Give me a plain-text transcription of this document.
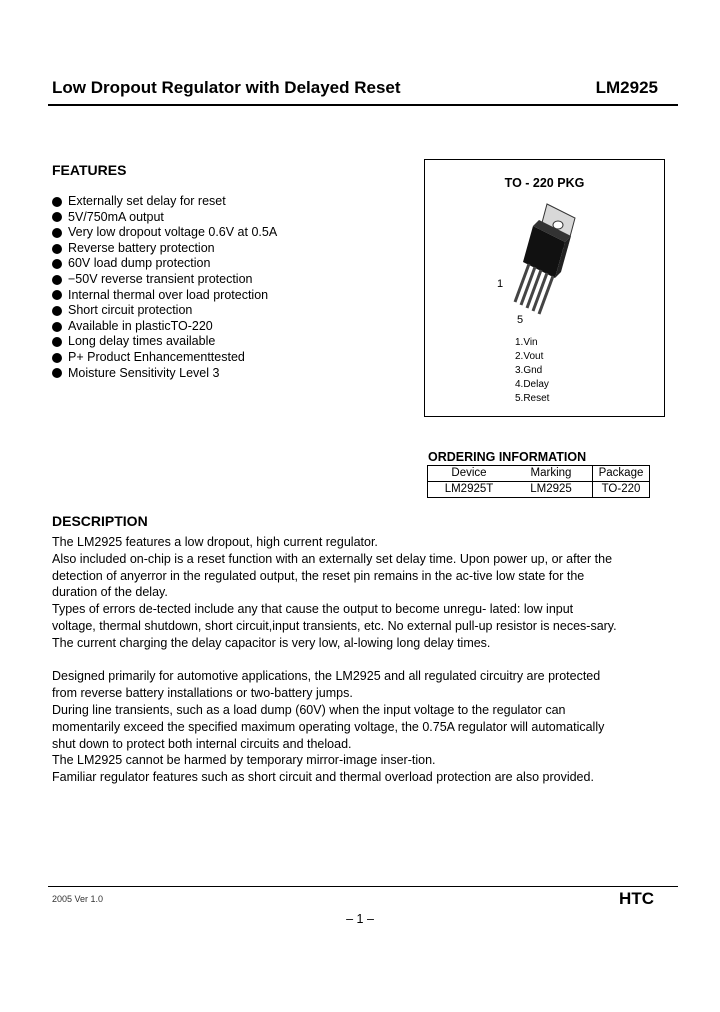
Low Dropout Regulator with Delayed Reset	LM2925
FEATURES
Externally set delay for reset
5V/750mA output
Very low dropout voltage 0.6V at 0.5A
Reverse battery protection
60V load dump protection
−50V reverse transient protection
Internal thermal over load protection
Short circuit protection
Available in plasticTO-220
Long delay times available
P+ Product Enhancementtested
Moisture Sensitivity Level 3
TO - 220 PKG
1
5
1.Vin
2.Vout
3.Gnd
4.Delay
5.Reset
ORDERING INFORMATION
Device	Marking	Package
LM2925T	LM2925	TO-220
DESCRIPTION
The LM2925 features a low dropout, high current regulator.
Also included on-chip is a reset function with an externally set delay time. Upon power up, or after the
detection of anyerror in the regulated output, the reset pin remains in the ac-tive low state for the
duration of the delay.
Types of errors de-tected include any that cause the output to become unregu- lated: low input
voltage, thermal shutdown, short circuit,input transients, etc. No external pull-up resistor is neces-sary.
The current charging the delay capacitor is very low, al-lowing long delay times.
Designed primarily for automotive applications, the LM2925 and all regulated circuitry are protected
from reverse battery installations or two-battery jumps.
During line transients, such as a load dump (60V) when the input voltage to the regulator can
momentarily exceed the specified maximum operating voltage, the 0.75A regulator will automatically
shut down to protect both internal circuits and theload.
The LM2925 cannot be harmed by temporary mirror-image inser-tion.
Familiar regulator features such as short circuit and thermal overload protection are also provided.
2005 Ver 1.0	HTC
– 1 –
